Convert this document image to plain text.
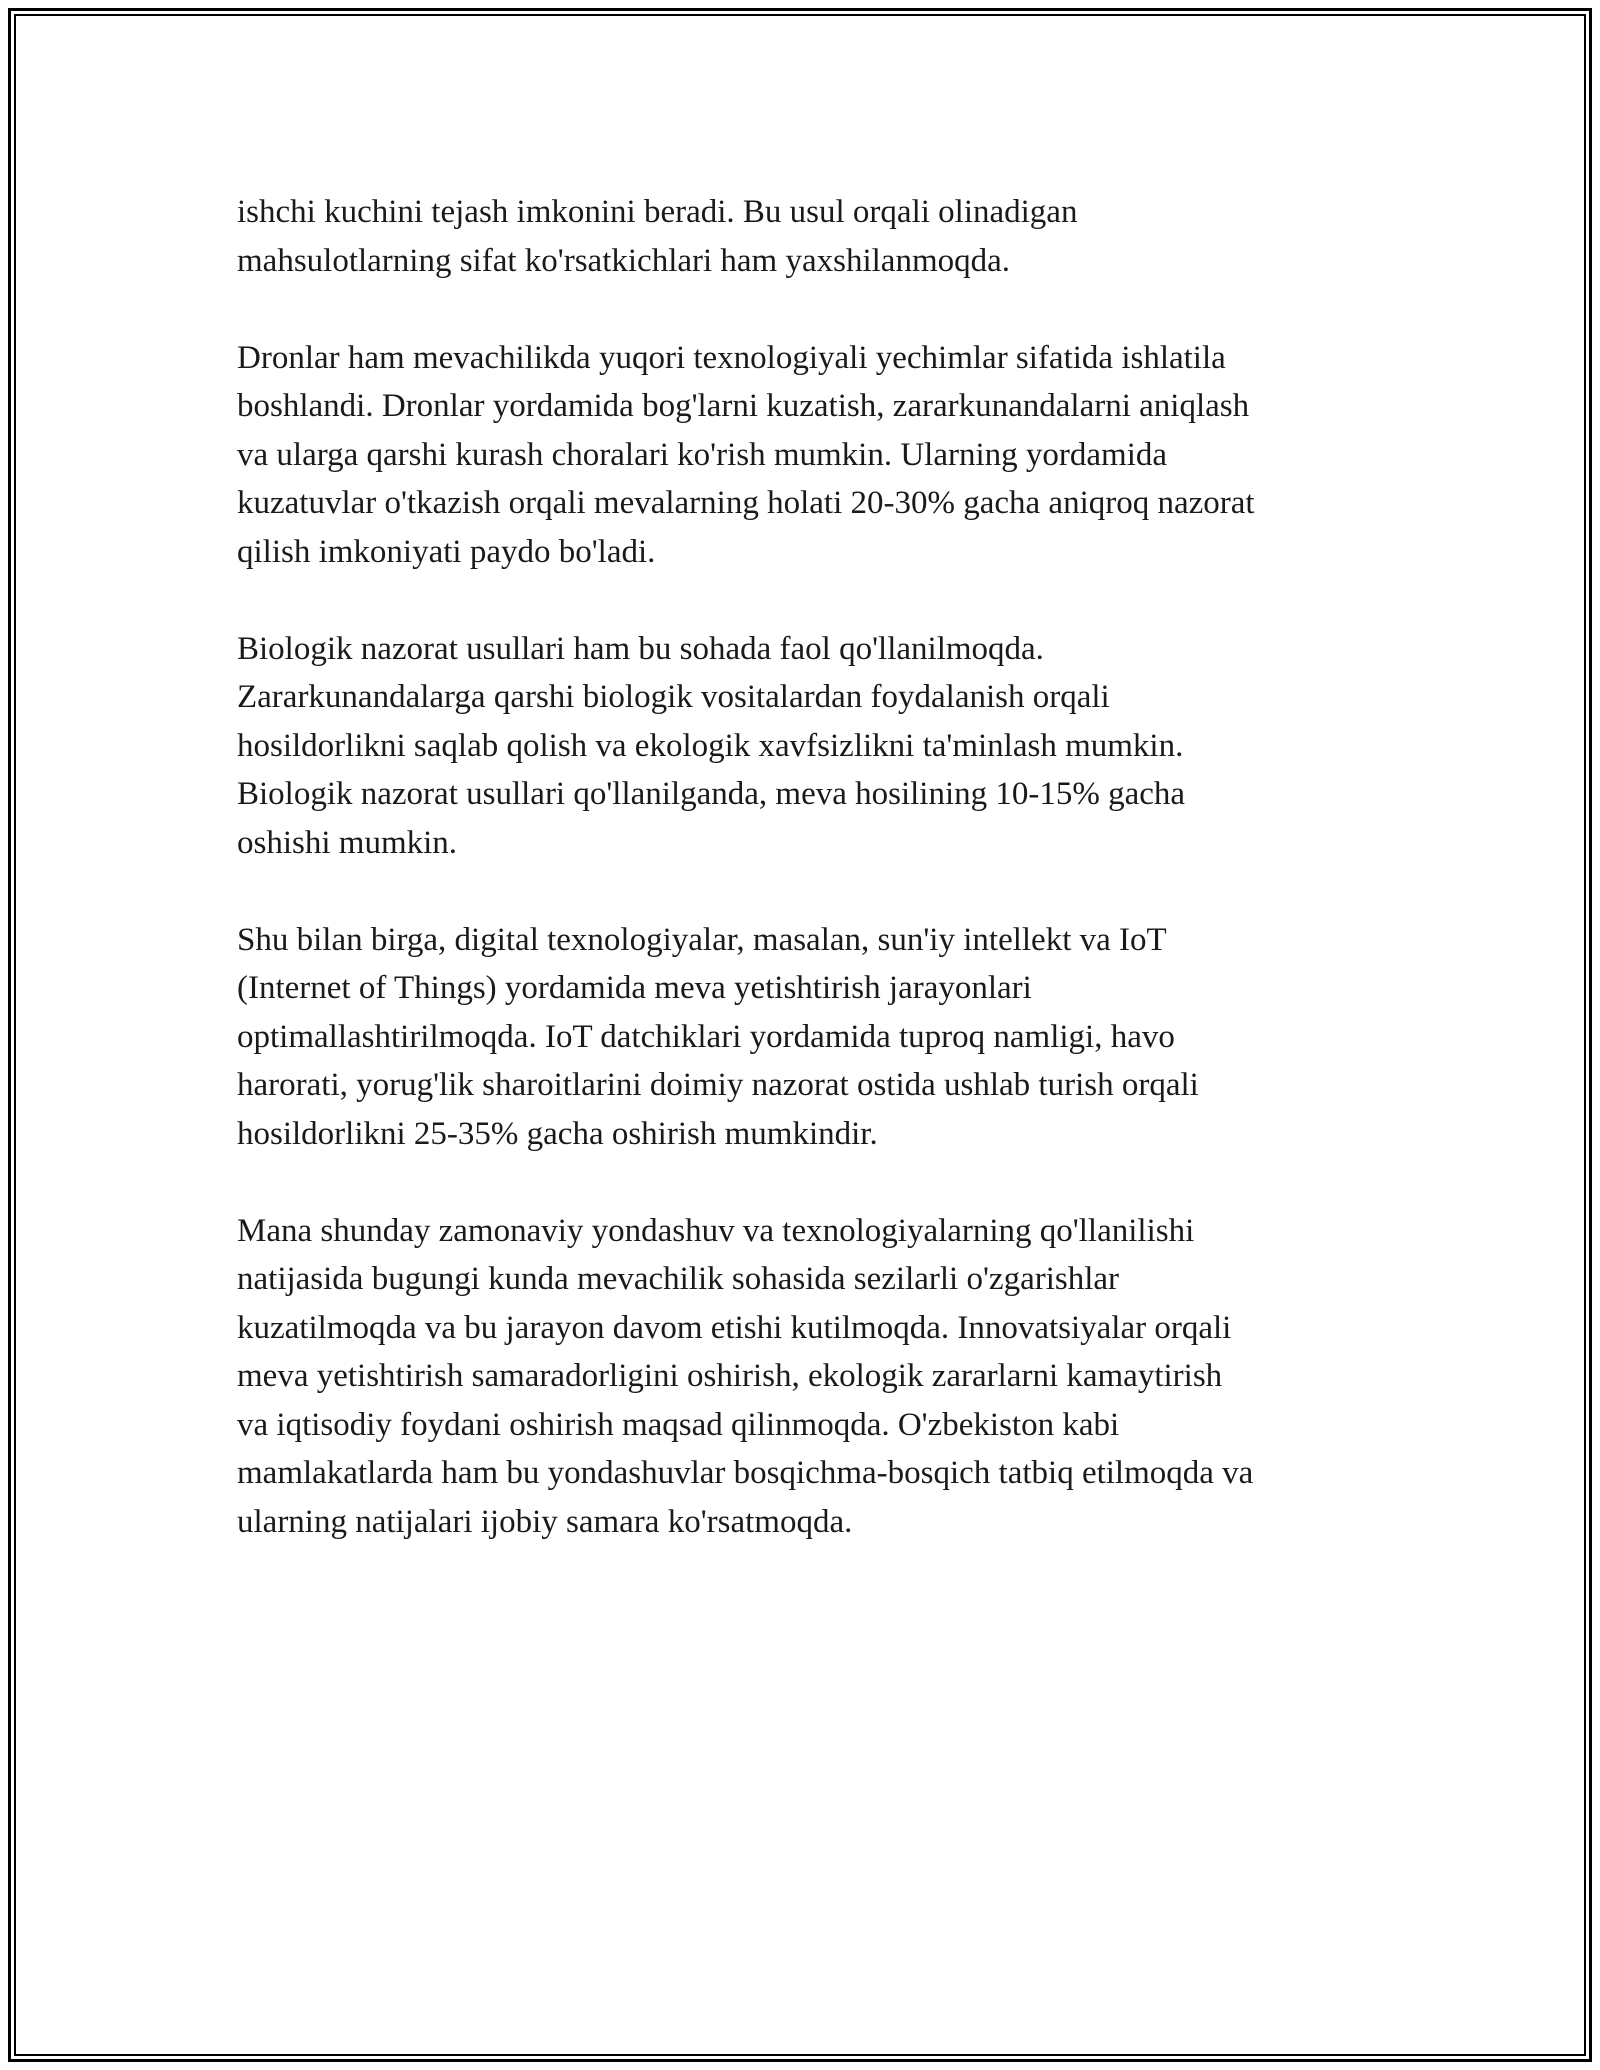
ishchi kuchini tejash imkonini beradi. Bu usul orqali olinadigan
mahsulotlarning sifat ko'rsatkichlari ham yaxshilanmoqda.

Dronlar ham mevachilikda yuqori texnologiyali yechimlar sifatida ishlatila
boshlandi. Dronlar yordamida bog'larni kuzatish, zararkunandalarni aniqlash
va ularga qarshi kurash choralari ko'rish mumkin. Ularning yordamida
kuzatuvlar o'tkazish orqali mevalarning holati 20-30% gacha aniqroq nazorat
qilish imkoniyati paydo bo'ladi.

Biologik nazorat usullari ham bu sohada faol qo'llanilmoqda.
Zararkunandalarga qarshi biologik vositalardan foydalanish orqali
hosildorlikni saqlab qolish va ekologik xavfsizlikni ta'minlash mumkin.
Biologik nazorat usullari qo'llanilganda, meva hosilining 10-15% gacha
oshishi mumkin.

Shu bilan birga, digital texnologiyalar, masalan, sun'iy intellekt va IoT
(Internet of Things) yordamida meva yetishtirish jarayonlari
optimallashtirilmoqda. IoT datchiklari yordamida tuproq namligi, havo
harorati, yorug'lik sharoitlarini doimiy nazorat ostida ushlab turish orqali
hosildorlikni 25-35% gacha oshirish mumkindir.

Mana shunday zamonaviy yondashuv va texnologiyalarning qo'llanilishi
natijasida bugungi kunda mevachilik sohasida sezilarli o'zgarishlar
kuzatilmoqda va bu jarayon davom etishi kutilmoqda. Innovatsiyalar orqali
meva yetishtirish samaradorligini oshirish, ekologik zararlarni kamaytirish
va iqtisodiy foydani oshirish maqsad qilinmoqda. O'zbekiston kabi
mamlakatlarda ham bu yondashuvlar bosqichma-bosqich tatbiq etilmoqda va
ularning natijalari ijobiy samara ko'rsatmoqda.
